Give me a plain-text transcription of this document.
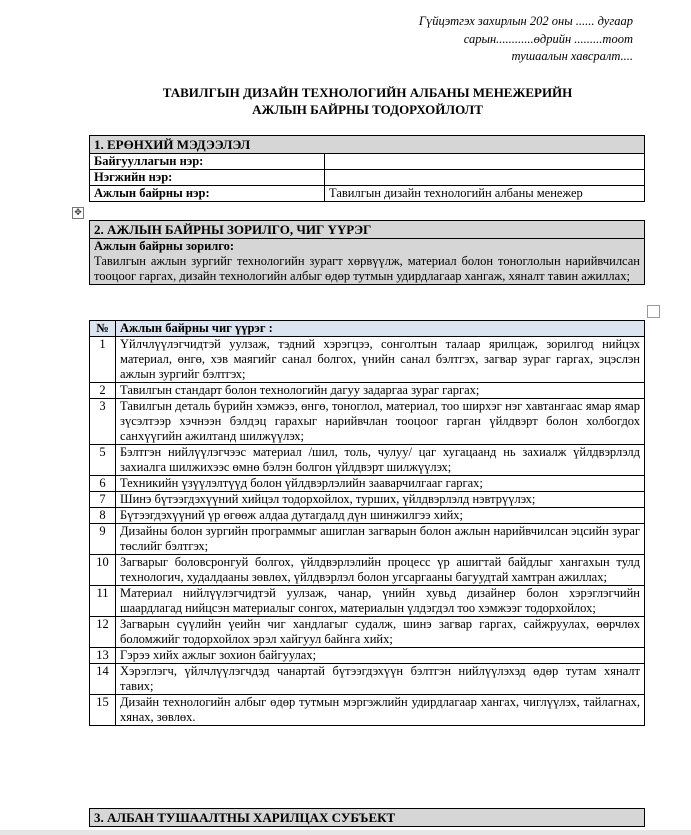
Гүйцэтгэх захирлын 202 оны ...... дугаар
сарын............өдрийн .........тоот
тушаалын хавсралт....
ТАВИЛГЫН ДИЗАЙН ТЕХНОЛОГИЙН АЛБАНЫ МЕНЕЖЕРИЙН
АЖЛЫН БАЙРНЫ ТОДОРХОЙЛОЛТ
1. ЕРӨНХИЙ МЭДЭЭЛЭЛ	
Байгууллагын нэр:	
Нэгжийн нэр:	
Ажлын байрны нэр:	Тавилгын дизайн технологийн албаны менежер
✥
2. АЖЛЫН БАЙРНЫ ЗОРИЛГО, ЧИГ ҮҮРЭГ

Ажлын байрны зорилго:
Тавилгын ажлын зургийг технологийн зурагт хөрвүүлж, материал болон тоноглолын нарийвчилсан тооцоог гаргах, дизайн технологийн албыг өдөр тутмын удирдлагаар хангаж, хяналт тавин ажиллах;
№	Ажлын байрны чиг үүрэг :
1	Үйлчлүүлэгчидтэй уулзаж, тэдний хэрэгцээ, сонголтын талаар ярилцаж, зорилгод нийцэх материал, өнгө, хэв маягийг санал болгох, үнийн санал бэлтгэх, загвар зураг гаргах, эцэслэн ажлын зургийг бэлтгэх;
2	Тавилгын стандарт болон технологийн дагуу задаргаа зураг гаргах;
3	Тавилгын деталь бүрийн хэмжээ, өнгө, тоноглол, материал, тоо ширхэг нэг хавтангаас ямар ямар зүсэлтээр хэчнээн бэлдэц гарахыг нарийвчлан тооцоог гарган үйлдвэрт болон холбогдох санхүүгийн ажилтанд шилжүүлэх;
5	Бэлтгэн нийлүүлэгчээс материал /шил, толь, чулуу/ цаг хугацаанд нь захиалж үйлдвэрлэлд захиалга шилжихээс өмнө бэлэн болгон үйлдвэрт шилжүүлэх;
6	Техникийн үзүүлэлтүүд болон үйлдвэрлэлийн зааварчилгааг гаргах;
7	Шинэ бүтээгдэхүүний хийцэл тодорхойлох, туршиx, үйлдвэрлэлд нэвтрүүлэх;
8	Бүтээгдэхүүний үр өгөөж алдаа дутагдалд дүн шинжилгээ хийх;
9	Дизайны болон зургийн программыг ашиглан загварын болон ажлын нарийвчилсан эцсийн зураг төслийг бэлтгэх;
10	Загварыг боловсронгуй болгох, үйлдвэрлэлийн процесс үр ашигтай байдлыг хангахын тулд технологич, худалдааны зөвлөх, үйлдвэрлэл болон угсаргааны багуудтай хамтран ажиллах;
11	Материал нийлүүлэгчидтэй уулзаж, чанар, үнийн хувьд дизайнер болон хэрэглэгчийн шаардлагад нийцсэн материалыг сонгох, материалын үлдэгдэл тоо хэмжээг тодорхойлох;
12	Загварын сүүлийн үеийн чиг хандлагыг судалж, шинэ загвар гаргах, сайжруулах, өөрчлөх боломжийг тодорхойлох эрэл хайгуул байнга хийх;
13	Гэрээ хийх ажлыг зохион байгуулах;
14	Хэрэглэгч, үйлчлүүлэгчдэд чанартай бүтээгдэхүүн бэлтгэн нийлүүлэхэд өдөр тутам хяналт тавих;
15	Дизайн технологийн албыг өдөр тутмын мэргэжлийн удирдлагаар хангах, чиглүүлэх, тайлагнах, хянах, зөвлөх.
3. АЛБАН ТУШААЛТНЫ ХАРИЛЦАХ СУБЪЕКТ
